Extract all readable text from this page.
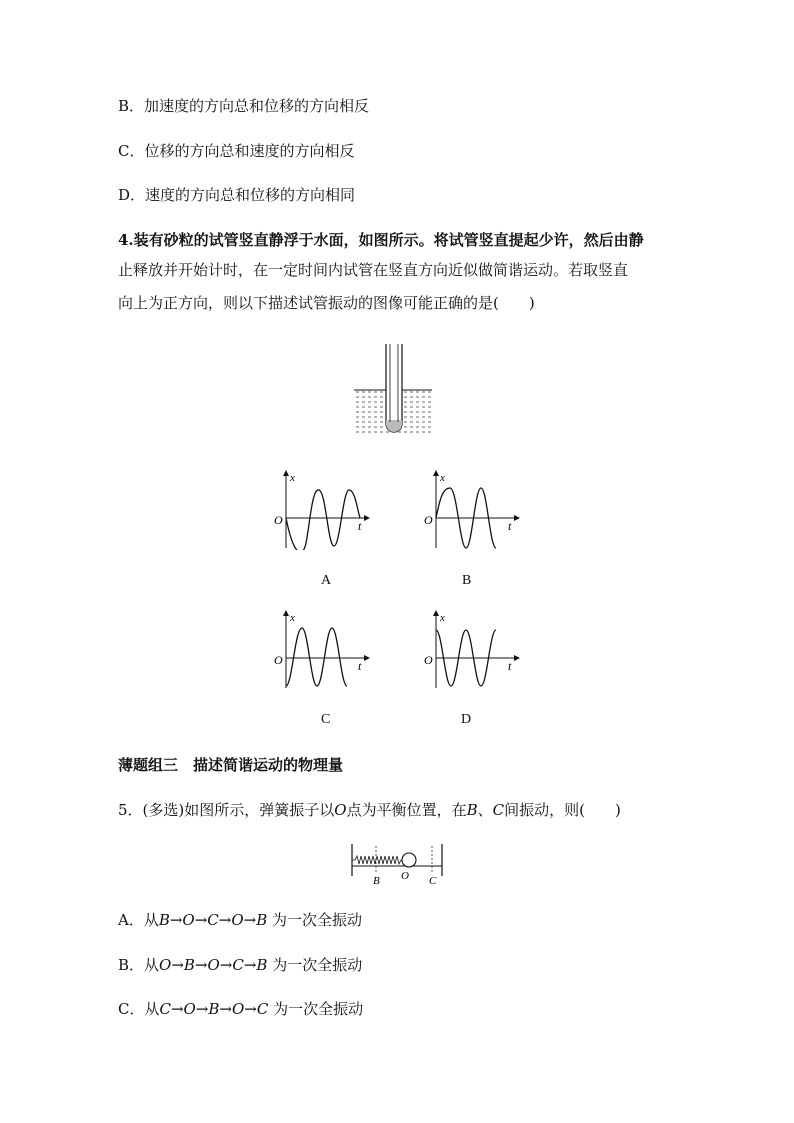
B．加速度的方向总和位移的方向相反
C．位移的方向总和速度的方向相反
D．速度的方向总和位移的方向相同
4.装有砂粒的试管竖直静浮于水面，如图所示。将试管竖直提起少许，然后由静
止释放并开始计时，在一定时间内试管在竖直方向近似做简谐运动。若取竖直
向上为正方向，则以下描述试管振动的图像可能正确的是(　　)
x
t
O
A
x
t
O
B
x
t
O
C
x
t
O
D
薄题组三　描述简谐运动的物理量
5．(多选)如图所示，弹簧振子以O点为平衡位置，在B、C间振动，则(　　)
B O C
A．从B→O→C→O→B 为一次全振动
B．从O→B→O→C→B 为一次全振动
C．从C→O→B→O→C 为一次全振动
